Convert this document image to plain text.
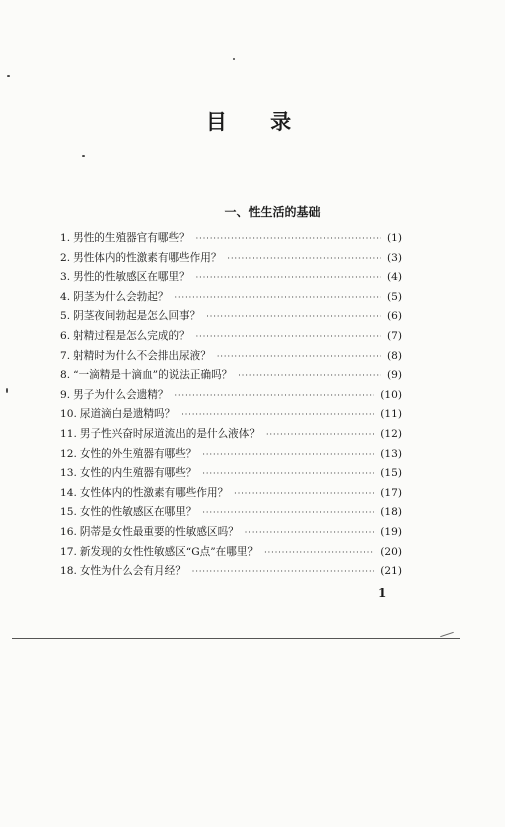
目 录
一、性生活的基础
1. 男性的生殖器官有哪些？ ·····	(1)
2. 男性体内的性激素有哪些作用？ ·····	(3)
3. 男性的性敏感区在哪里？ ·····	(4)
4. 阴茎为什么会勃起？ ·····	(5)
5. 阴茎夜间勃起是怎么回事？ ·····	(6)
6. 射精过程是怎么完成的？ ·····	(7)
7. 射精时为什么不会排出尿液？ ·····	(8)
8. “一滴精是十滴血”的说法正确吗？ ·····	(9)
9. 男子为什么会遗精？ ·····	(10)
10. 尿道滴白是遗精吗？ ·····	(11)
11. 男子性兴奋时尿道流出的是什么液体？ ·····	(12)
12. 女性的外生殖器有哪些？ ·····	(13)
13. 女性的内生殖器有哪些？ ·····	(15)
14. 女性体内的性激素有哪些作用？ ·····	(17)
15. 女性的性敏感区在哪里？ ·····	(18)
16. 阴蒂是女性最重要的性敏感区吗？ ·····	(19)
17. 新发现的女性性敏感区“G点”在哪里？ ·····	(20)
18. 女性为什么会有月经？ ·····	(21)
1
